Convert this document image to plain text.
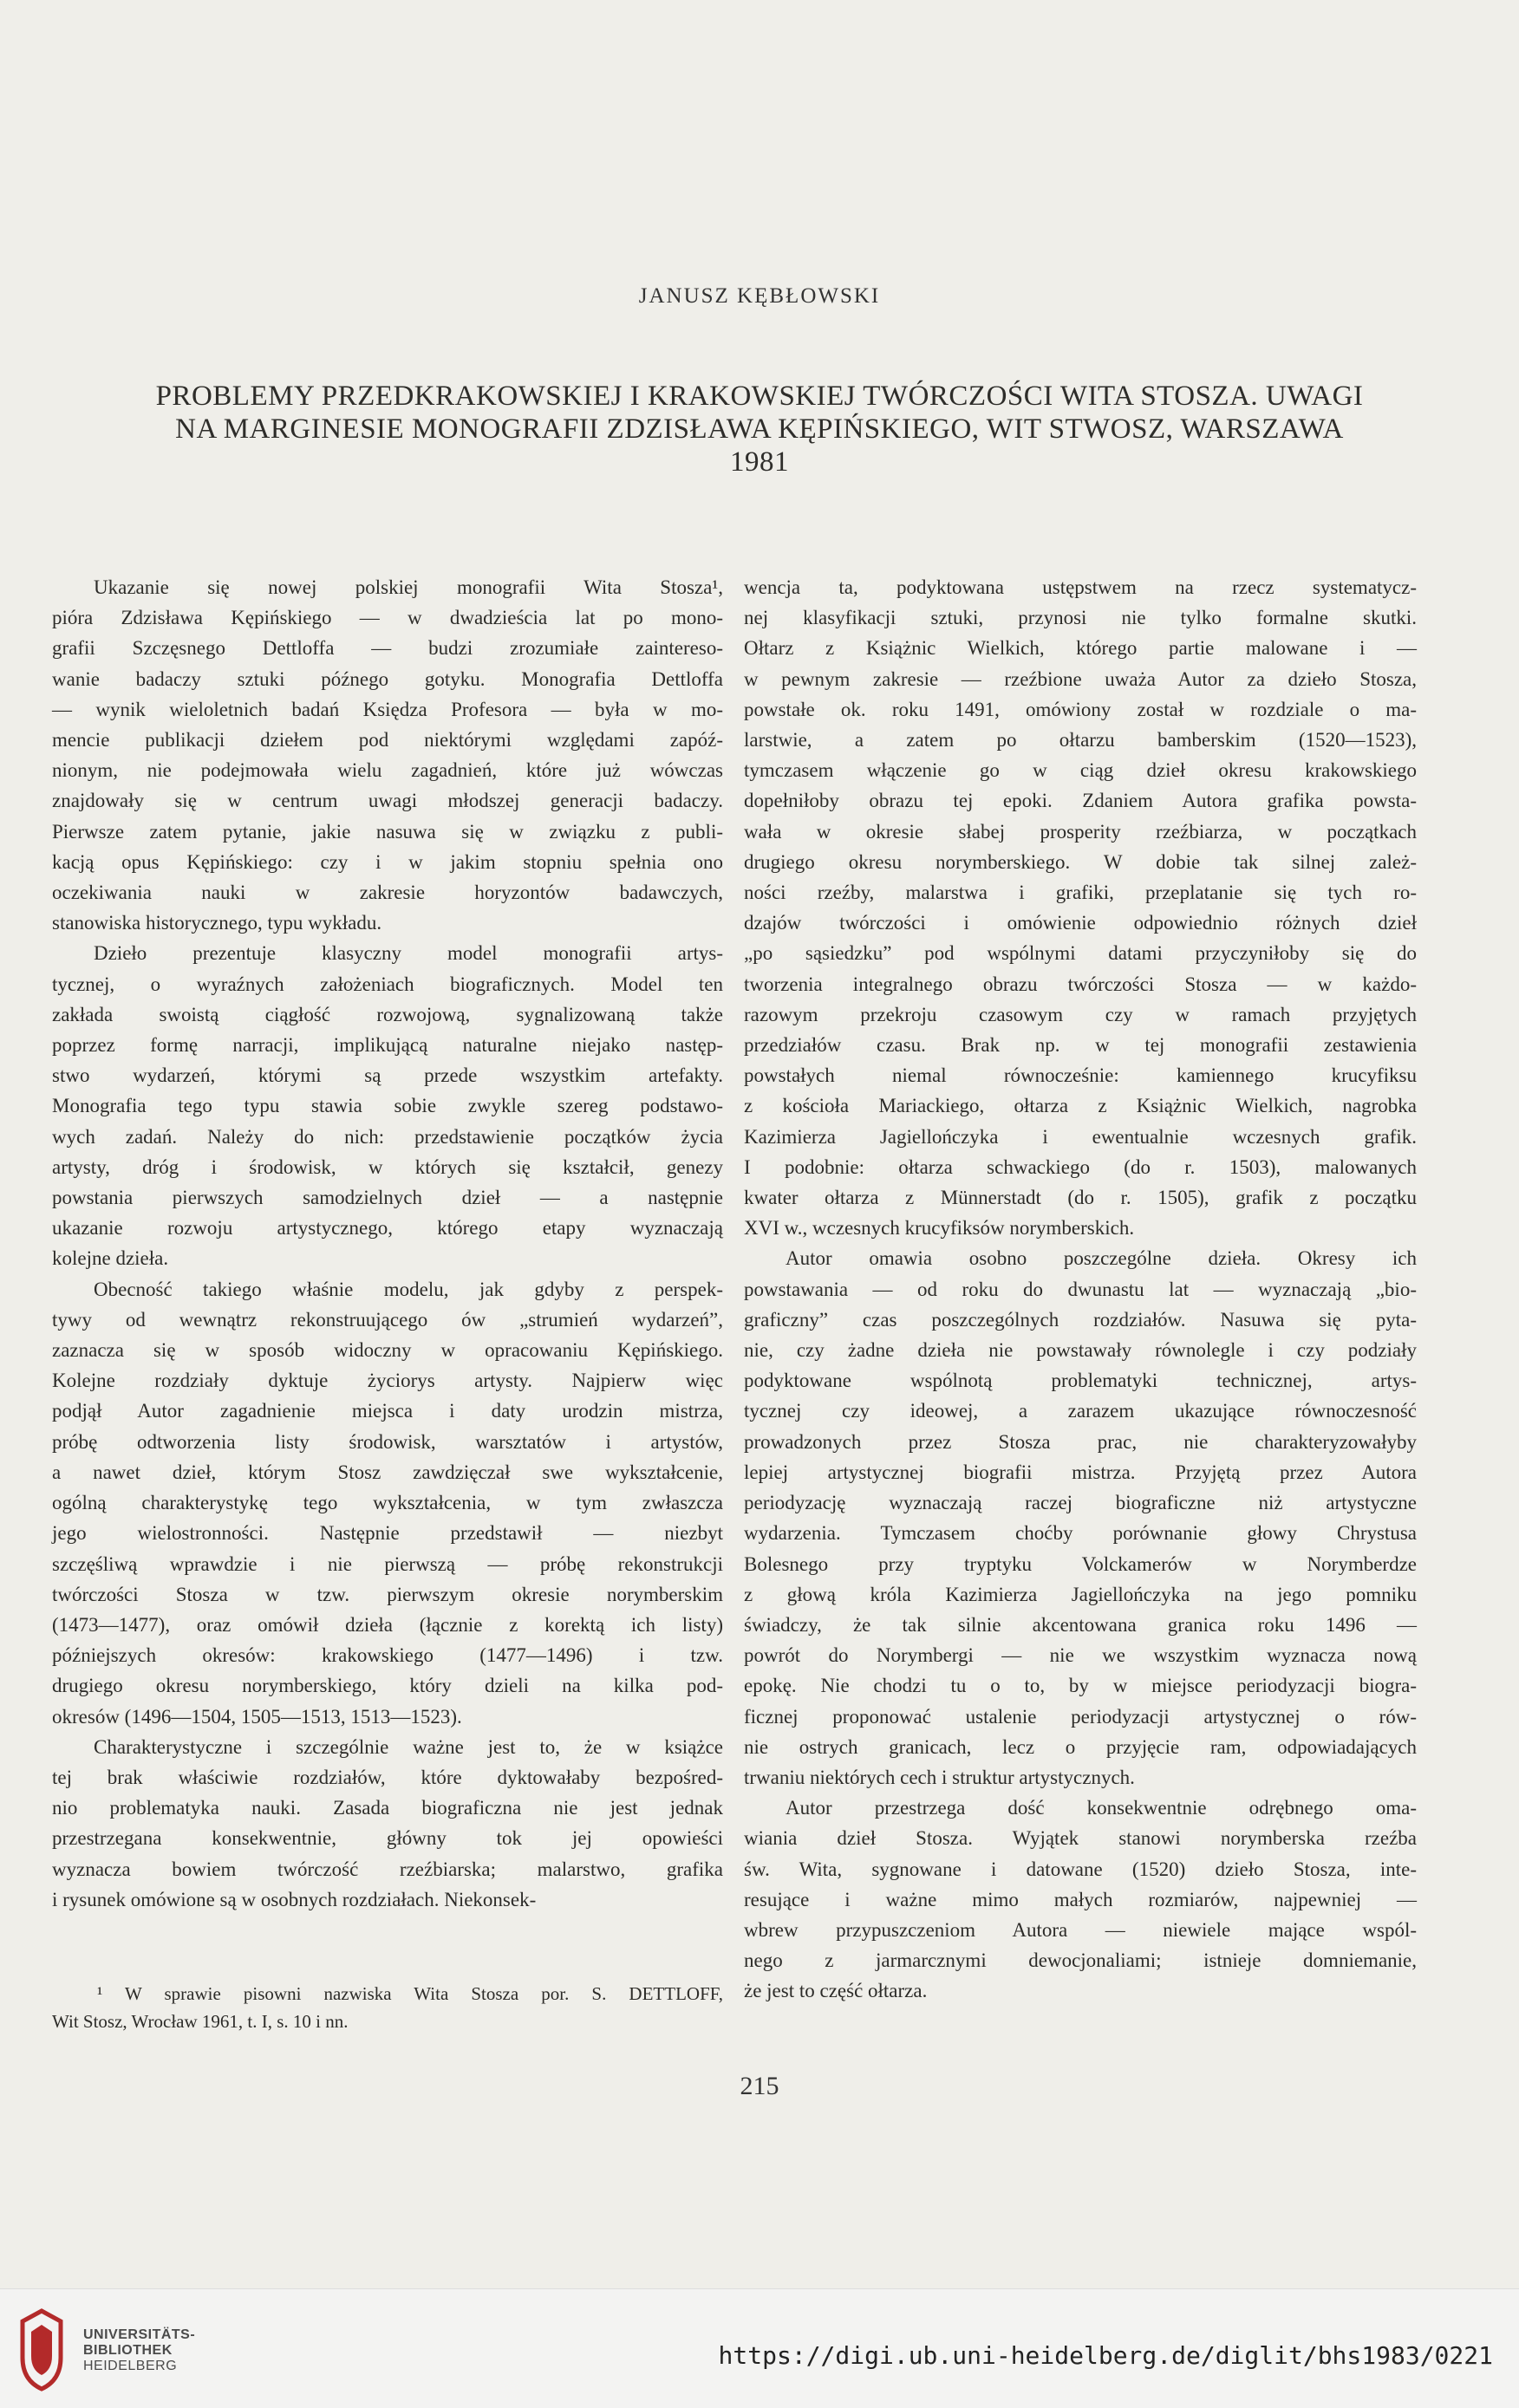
JANUSZ KĘBŁOWSKI
PROBLEMY PRZEDKRAKOWSKIEJ I KRAKOWSKIEJ TWÓRCZOŚCI WITA STOSZA. UWAGI
NA MARGINESIE MONOGRAFII ZDZISŁAWA KĘPIŃSKIEGO, WIT STWOSZ, WARSZAWA
1981

Ukazanie się nowej polskiej monografii Wita Stosza¹,
pióra Zdzisława Kępińskiego — w dwadzieścia lat po mono-
grafii Szczęsnego Dettloffa — budzi zrozumiałe zaintereso-
wanie badaczy sztuki późnego gotyku. Monografia Dettloffa
— wynik wieloletnich badań Księdza Profesora — była w mo-
mencie publikacji dziełem pod niektórymi względami zapóź-
nionym, nie podejmowała wielu zagadnień, które już wówczas
znajdowały się w centrum uwagi młodszej generacji badaczy.
Pierwsze zatem pytanie, jakie nasuwa się w związku z publi-
kacją opus Kępińskiego: czy i w jakim stopniu spełnia ono
oczekiwania nauki w zakresie horyzontów badawczych,
stanowiska historycznego, typu wykładu.

Dzieło prezentuje klasyczny model monografii artys-
tycznej, o wyraźnych założeniach biograficznych. Model ten
zakłada swoistą ciągłość rozwojową, sygnalizowaną także
poprzez formę narracji, implikującą naturalne niejako następ-
stwo wydarzeń, którymi są przede wszystkim artefakty.
Monografia tego typu stawia sobie zwykle szereg podstawo-
wych zadań. Należy do nich: przedstawienie początków życia
artysty, dróg i środowisk, w których się kształcił, genezy
powstania pierwszych samodzielnych dzieł — a następnie
ukazanie rozwoju artystycznego, którego etapy wyznaczają
kolejne dzieła.

Obecność takiego właśnie modelu, jak gdyby z perspek-
tywy od wewnątrz rekonstruującego ów „strumień wydarzeń”,
zaznacza się w sposób widoczny w opracowaniu Kępińskiego.
Kolejne rozdziały dyktuje życiorys artysty. Najpierw więc
podjął Autor zagadnienie miejsca i daty urodzin mistrza,
próbę odtworzenia listy środowisk, warsztatów i artystów,
a nawet dzieł, którym Stosz zawdzięczał swe wykształcenie,
ogólną charakterystykę tego wykształcenia, w tym zwłaszcza
jego wielostronności. Następnie przedstawił — niezbyt
szczęśliwą wprawdzie i nie pierwszą — próbę rekonstrukcji
twórczości Stosza w tzw. pierwszym okresie norymberskim
(1473—1477), oraz omówił dzieła (łącznie z korektą ich listy)
późniejszych okresów: krakowskiego (1477—1496) i tzw.
drugiego okresu norymberskiego, który dzieli na kilka pod-
okresów (1496—1504, 1505—1513, 1513—1523).

Charakterystyczne i szczególnie ważne jest to, że w książce
tej brak właściwie rozdziałów, które dyktowałaby bezpośred-
nio problematyka nauki. Zasada biograficzna nie jest jednak
przestrzegana konsekwentnie, główny tok jej opowieści
wyznacza bowiem twórczość rzeźbiarska; malarstwo, grafika
i rysunek omówione są w osobnych rozdziałach. Niekonsek-

wencja ta, podyktowana ustępstwem na rzecz systematycz-
nej klasyfikacji sztuki, przynosi nie tylko formalne skutki.
Ołtarz z Książnic Wielkich, którego partie malowane i —
w pewnym zakresie — rzeźbione uważa Autor za dzieło Stosza,
powstałe ok. roku 1491, omówiony został w rozdziale o ma-
larstwie, a zatem po ołtarzu bamberskim (1520—1523),
tymczasem włączenie go w ciąg dzieł okresu krakowskiego
dopełniłoby obrazu tej epoki. Zdaniem Autora grafika powsta-
wała w okresie słabej prosperity rzeźbiarza, w początkach
drugiego okresu norymberskiego. W dobie tak silnej zależ-
ności rzeźby, malarstwa i grafiki, przeplatanie się tych ro-
dzajów twórczości i omówienie odpowiednio różnych dzieł
„po sąsiedzku” pod wspólnymi datami przyczyniłoby się do
tworzenia integralnego obrazu twórczości Stosza — w każdo-
razowym przekroju czasowym czy w ramach przyjętych
przedziałów czasu. Brak np. w tej monografii zestawienia
powstałych niemal równocześnie: kamiennego krucyfiksu
z kościoła Mariackiego, ołtarza z Książnic Wielkich, nagrobka
Kazimierza Jagiellończyka i ewentualnie wczesnych grafik.
I podobnie: ołtarza schwackiego (do r. 1503), malowanych
kwater ołtarza z Münnerstadt (do r. 1505), grafik z początku
XVI w., wczesnych krucyfiksów norymberskich.

Autor omawia osobno poszczególne dzieła. Okresy ich
powstawania — od roku do dwunastu lat — wyznaczają „bio-
graficzny” czas poszczególnych rozdziałów. Nasuwa się pyta-
nie, czy żadne dzieła nie powstawały równolegle i czy podziały
podyktowane wspólnotą problematyki technicznej, artys-
tycznej czy ideowej, a zarazem ukazujące równoczesność
prowadzonych przez Stosza prac, nie charakteryzowałyby
lepiej artystycznej biografii mistrza. Przyjętą przez Autora
periodyzację wyznaczają raczej biograficzne niż artystyczne
wydarzenia. Tymczasem choćby porównanie głowy Chrystusa
Bolesnego przy tryptyku Volckamerów w Norymberdze
z głową króla Kazimierza Jagiellończyka na jego pomniku
świadczy, że tak silnie akcentowana granica roku 1496 —
powrót do Norymbergi — nie we wszystkim wyznacza nową
epokę. Nie chodzi tu o to, by w miejsce periodyzacji biogra-
ficznej proponować ustalenie periodyzacji artystycznej o rów-
nie ostrych granicach, lecz o przyjęcie ram, odpowiadających
trwaniu niektórych cech i struktur artystycznych.

Autor przestrzega dość konsekwentnie odrębnego oma-
wiania dzieł Stosza. Wyjątek stanowi norymberska rzeźba
św. Wita, sygnowane i datowane (1520) dzieło Stosza, inte-
resujące i ważne mimo małych rozmiarów, najpewniej —
wbrew przypuszczeniom Autora — niewiele mające wspól-
nego z jarmarcznymi dewocjonaliami; istnieje domniemanie,
że jest to część ołtarza.

¹ W sprawie pisowni nazwiska Wita Stosza por. S. DETTLOFF,
Wit Stosz, Wrocław 1961, t. I, s. 10 i nn.
215
UNIVERSITÄTS-
BIBLIOTHEK
HEIDELBERG	https://digi.ub.uni-heidelberg.de/diglit/bhs1983/0221
